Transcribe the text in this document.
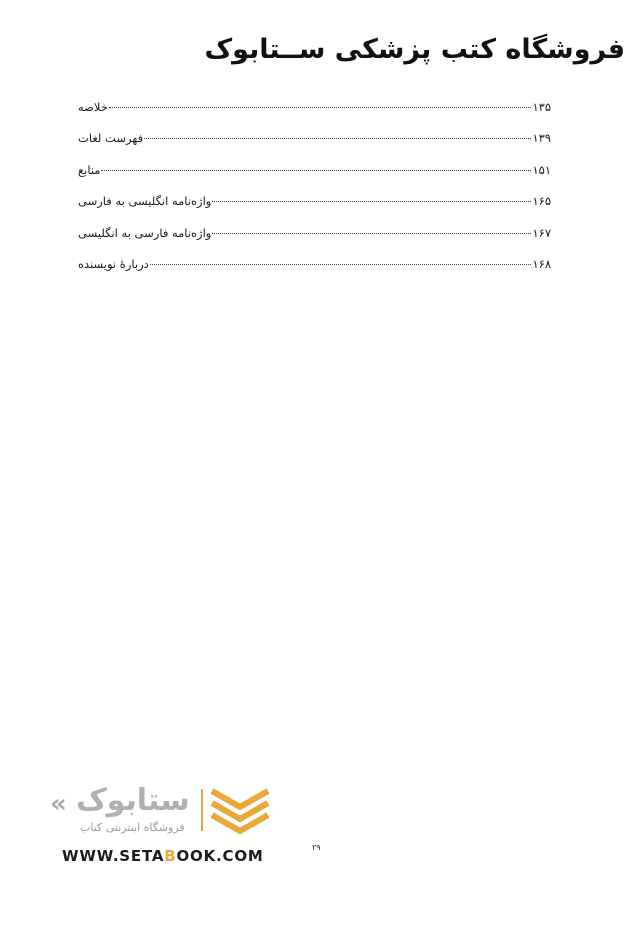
فروشگاه کتب پزشکی ســتابوک
خلاصه	۱۳۵
فهرست لغات	۱۳۹
منابع	۱۵۱
واژه‌نامه انگلیسی به فارسی	۱۶۵
واژه‌نامه فارسی به انگلیسی	۱۶۷
دربارهٔ نویسنده	۱۶۸
« ستابوک
فروشگاه اینترنتی کتاب
WWW.SETABOOK.COM	۲۹
